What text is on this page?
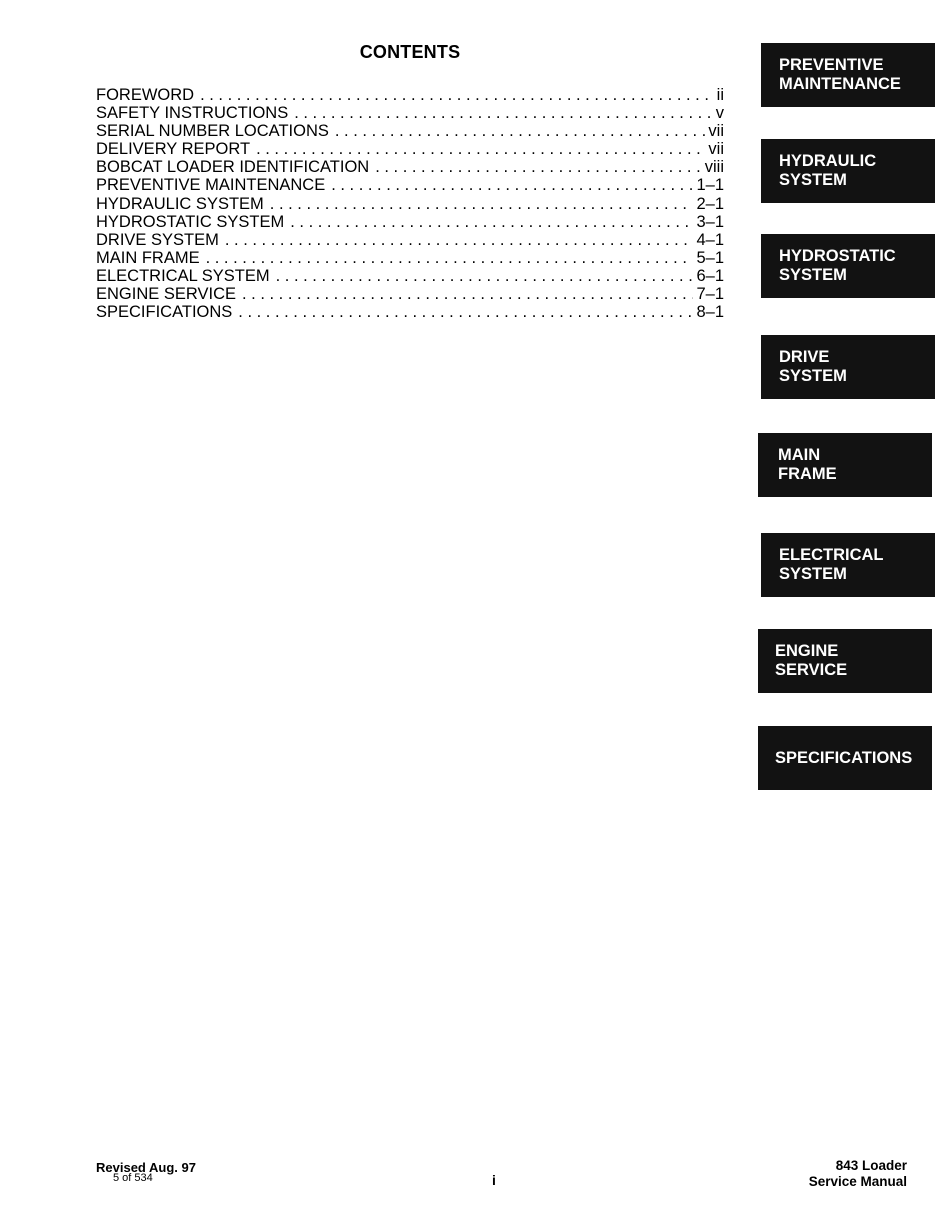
CONTENTS
FOREWORD . . .	ii
SAFETY INSTRUCTIONS . . .	v
SERIAL NUMBER LOCATIONS . . .	vii
DELIVERY REPORT . . .	vii
BOBCAT LOADER IDENTIFICATION . . .	viii
PREVENTIVE MAINTENANCE . . .	1–1
HYDRAULIC SYSTEM . . .	2–1
HYDROSTATIC SYSTEM . . .	3–1
DRIVE SYSTEM . . .	4–1
MAIN FRAME . . .	5–1
ELECTRICAL SYSTEM . . .	6–1
ENGINE SERVICE . . .	7–1
SPECIFICATIONS . . .	8–1
PREVENTIVE
MAINTENANCE
HYDRAULIC
SYSTEM
HYDROSTATIC
SYSTEM
DRIVE
SYSTEM
MAIN
FRAME
ELECTRICAL
SYSTEM
ENGINE
SERVICE
SPECIFICATIONS
Revised Aug. 97
5 of 534	i
843 Loader
Service Manual
